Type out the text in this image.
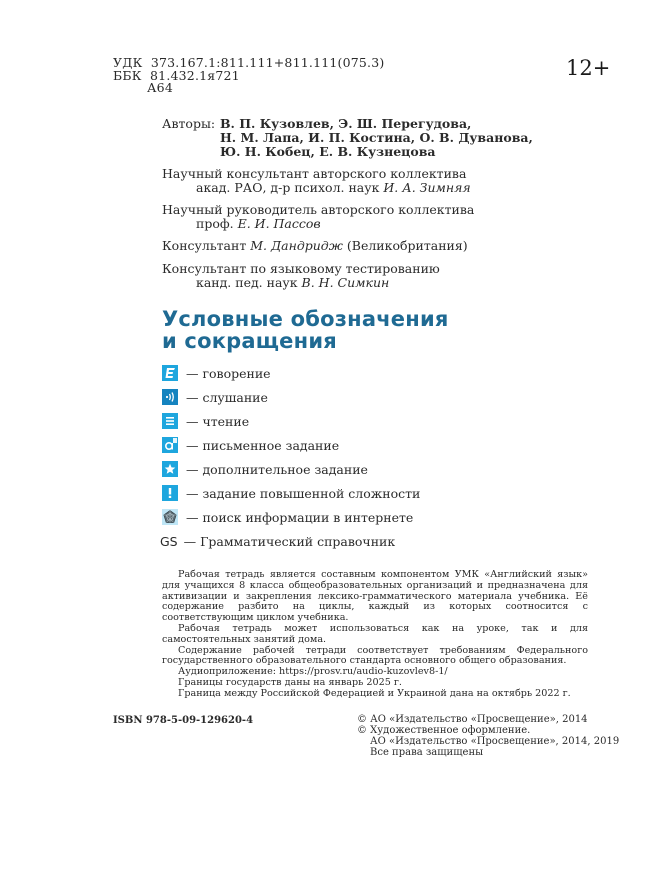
УДК 373.167.1:811.111+811.111(075.3)
ББК 81.432.1я721
А64
12+
Авторы: В. П. Кузовлев, Э. Ш. Перегудова,
Н. М. Лапа, И. П. Костина, О. В. Дуванова,
Ю. Н. Кобец, Е. В. Кузнецова
Научный консультант авторского коллектива
акад. РАО, д-р психол. наук И. А. Зимняя
Научный руководитель авторского коллектива
проф. Е. И. Пассов
Консультант М. Дандридж (Великобритания)
Консультант по языковому тестированию
канд. пед. наук В. Н. Симкин
Условные обозначения
и сокращения
— говорение
— слушание
— чтение
— письменное задание
— дополнительное задание
— задание повышенной сложности
— поиск информации в интернете
GS — Грамматический справочник

Рабочая тетрадь является составным компонентом УМК «Английский язык» для учащихся 8 класса общеобразовательных организаций и предназначена для активизации и закрепления лексико-грамматического материала учебника. Её содержание разбито на циклы, каждый из которых соотносится с соответствующим циклом учебника.

Рабочая тетрадь может использоваться как на уроке, так и для самостоятельных занятий дома.

Содержание рабочей тетради соответствует требованиям Федерального государственного образовательного стандарта основного общего образования.

Аудиоприложение: https://prosv.ru/audio-kuzovlev8-1/
Границы государств даны на январь 2025 г.
Граница между Российской Федерацией и Украиной дана на октябрь 2022 г.
ISBN 978-5-09-129620-4	© АО «Издательство «Просвещение», 2014
© Художественное оформление.
АО «Издательство «Просвещение», 2014, 2019
Все права защищены
